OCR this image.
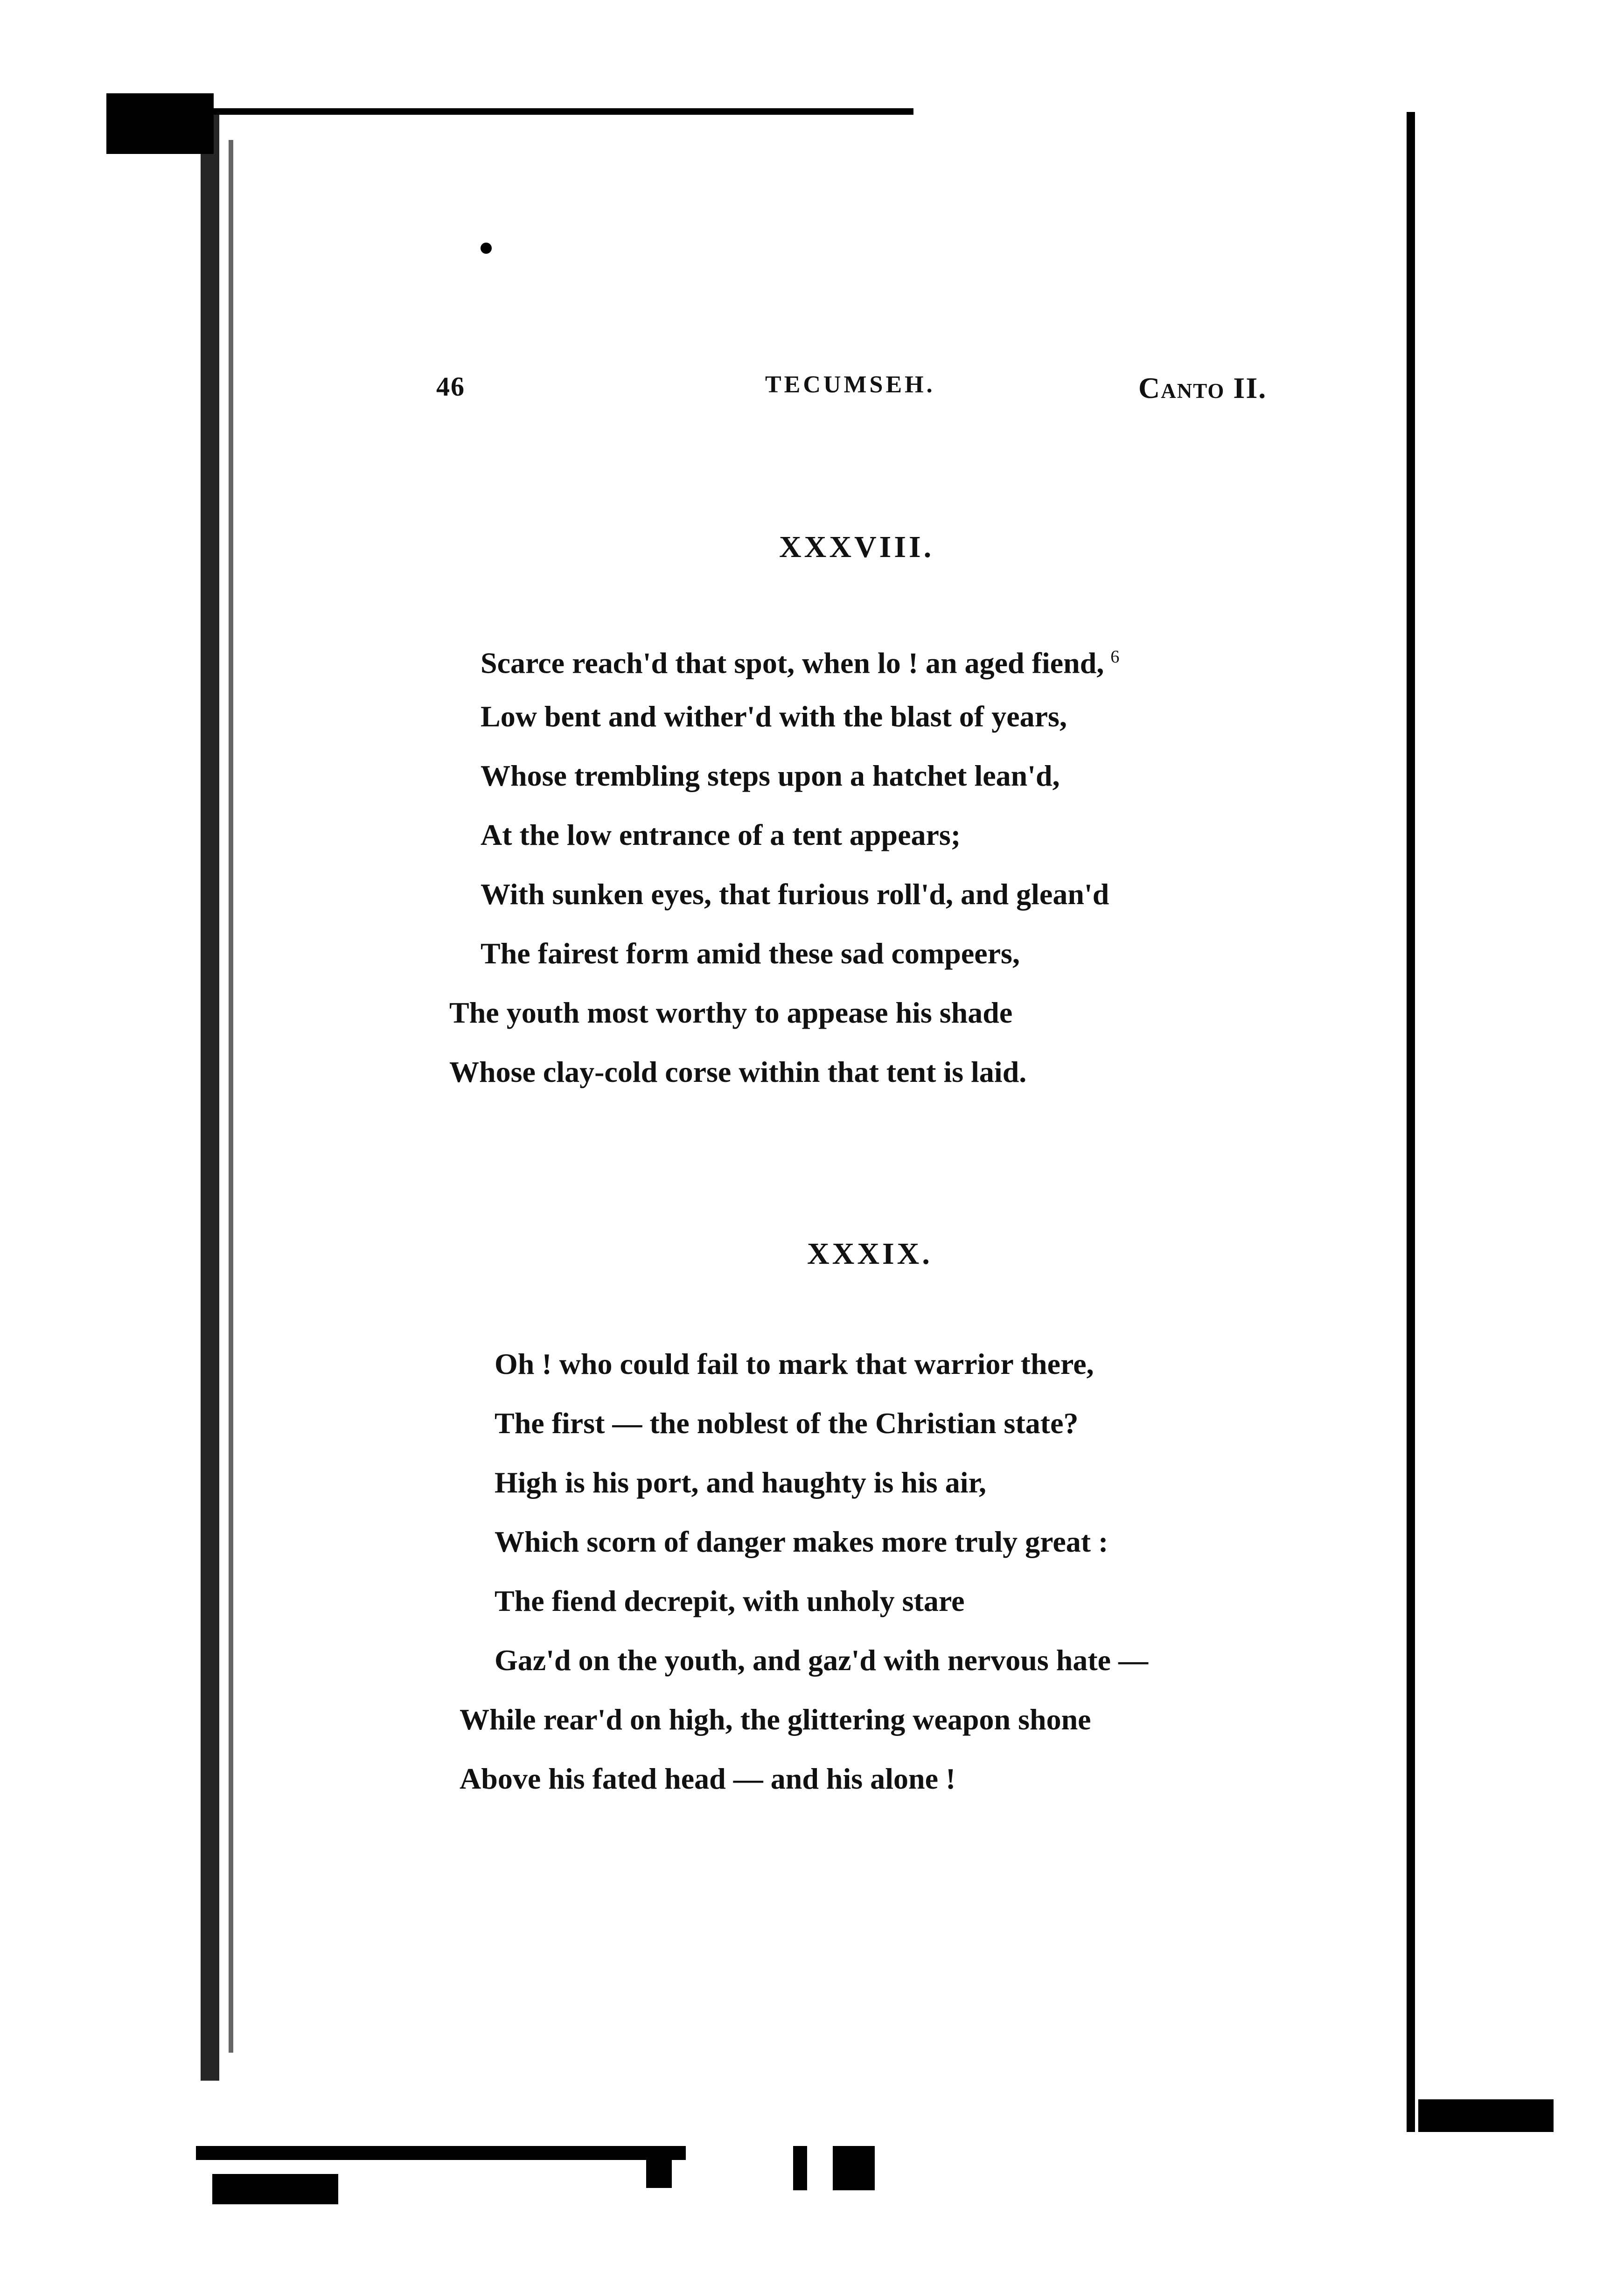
46	TECUMSEH.	Canto II.
XXXVIII.
Scarce reach'd that spot, when lo ! an aged fiend, $^6$
Low bent and wither'd with the blast of years,
Whose trembling steps upon a hatchet lean'd,
At the low entrance of a tent appears;
With sunken eyes, that furious roll'd, and glean'd
The fairest form amid these sad compeers,
The youth most worthy to appease his shade
Whose clay-cold corse within that tent is laid.
XXXIX.
Oh ! who could fail to mark that warrior there,
The first — the noblest of the Christian state?
High is his port, and haughty is his air,
Which scorn of danger makes more truly great :
The fiend decrepit, with unholy stare
Gaz'd on the youth, and gaz'd with nervous hate —
While rear'd on high, the glittering weapon shone
Above his fated head — and his alone !
